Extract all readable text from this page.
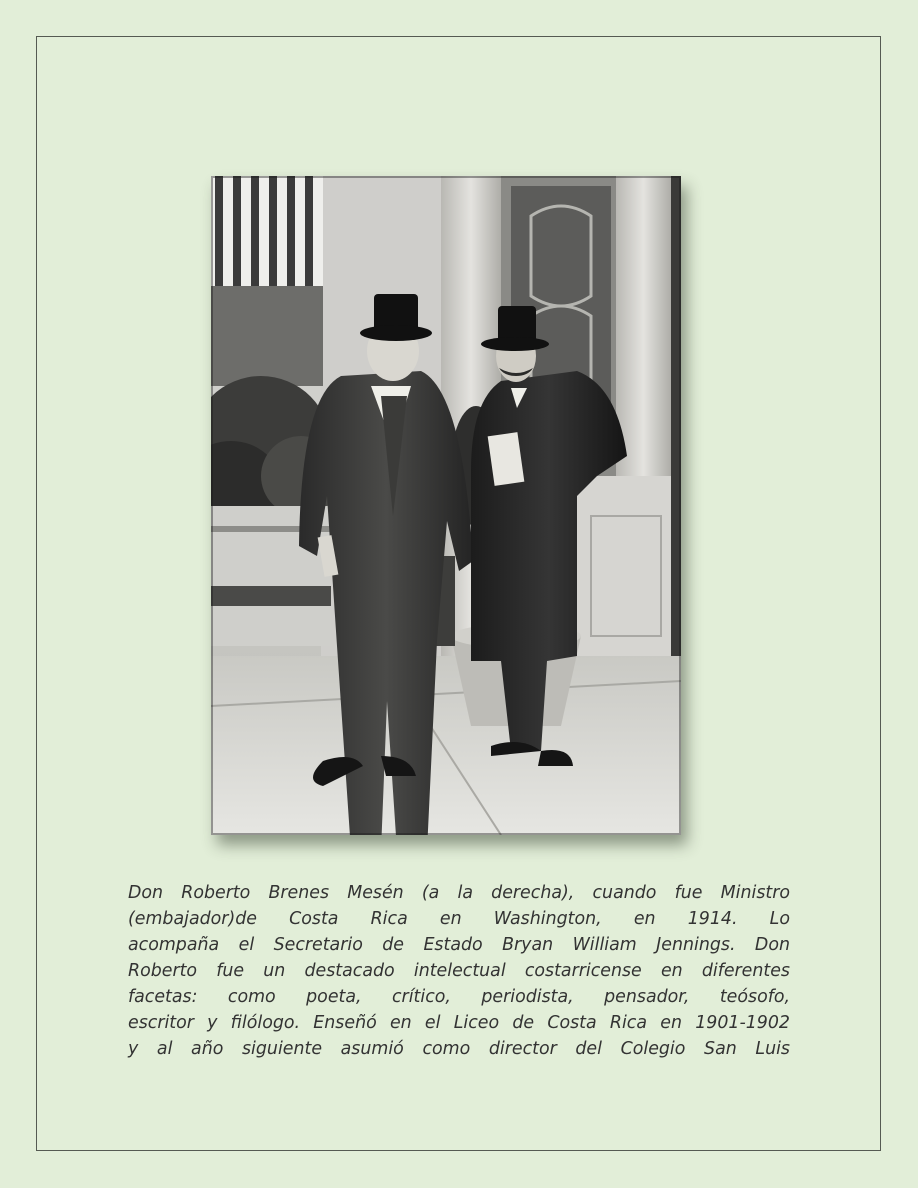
Don Roberto Brenes Mesén (a la derecha), cuando fue Ministro
(embajador)de Costa Rica en Washington, en 1914. Lo
acompaña el Secretario de Estado Bryan William Jennings. Don
Roberto fue un destacado intelectual costarricense en diferentes
facetas: como poeta, crítico, periodista, pensador, teósofo,
escritor y filólogo. Enseñó en el Liceo de Costa Rica en 1901-1902
y al año siguiente asumió como director del Colegio San Luis
